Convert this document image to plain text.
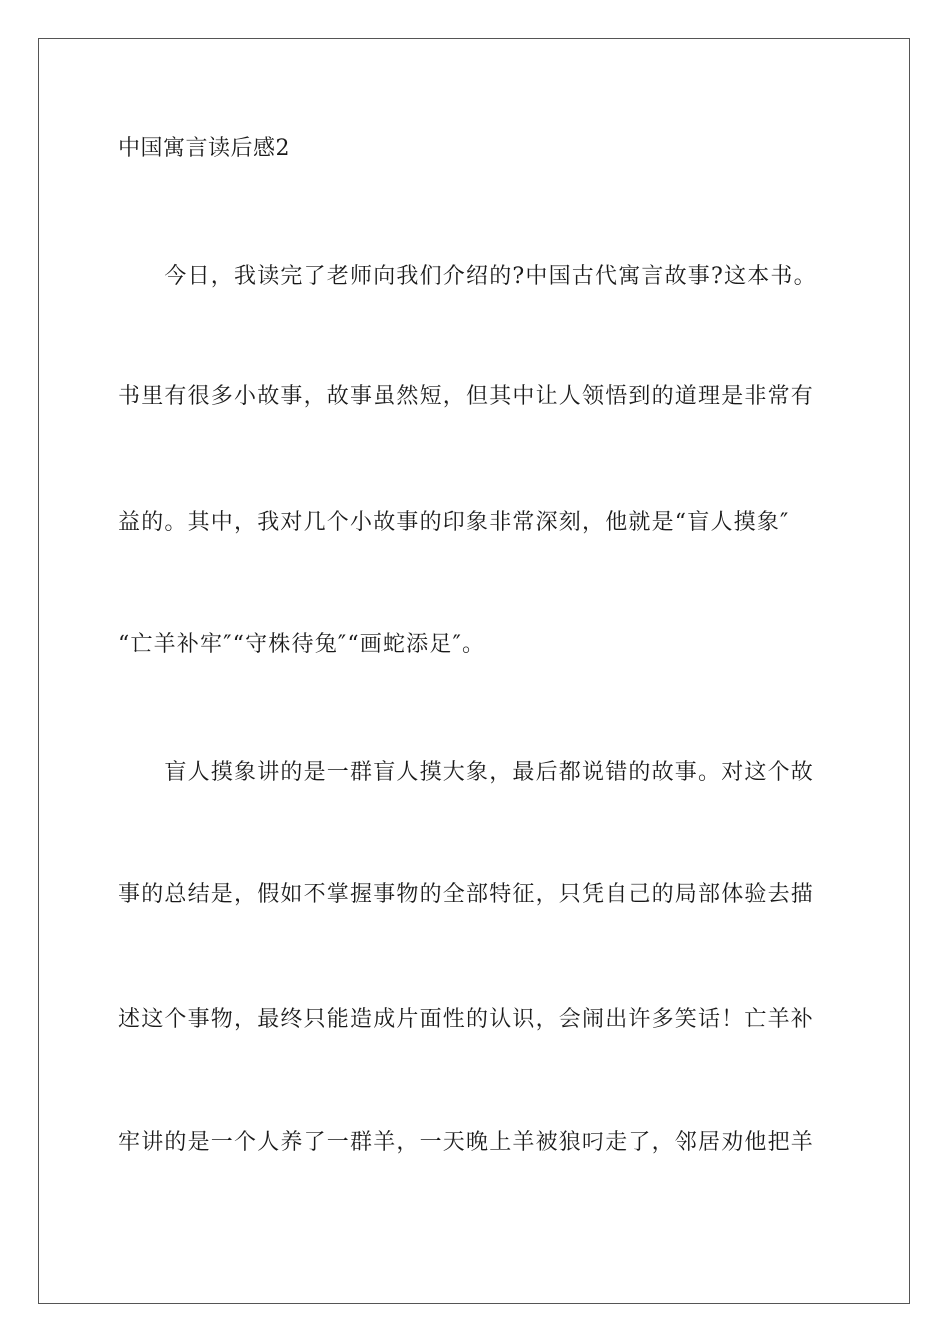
中国寓言读后感2
　　今日，我读完了老师向我们介绍的?中国古代寓言故事?这本书。
书里有很多小故事，故事虽然短，但其中让人领悟到的道理是非常有
益的。其中，我对几个小故事的印象非常深刻，他就是“盲人摸象″
“亡羊补牢″“守株待兔″“画蛇添足″。
　　盲人摸象讲的是一群盲人摸大象，最后都说错的故事。对这个故
事的总结是，假如不掌握事物的全部特征，只凭自己的局部体验去描
述这个事物，最终只能造成片面性的认识，会闹出许多笑话！亡羊补
牢讲的是一个人养了一群羊，一天晚上羊被狼叼走了，邻居劝他把羊
